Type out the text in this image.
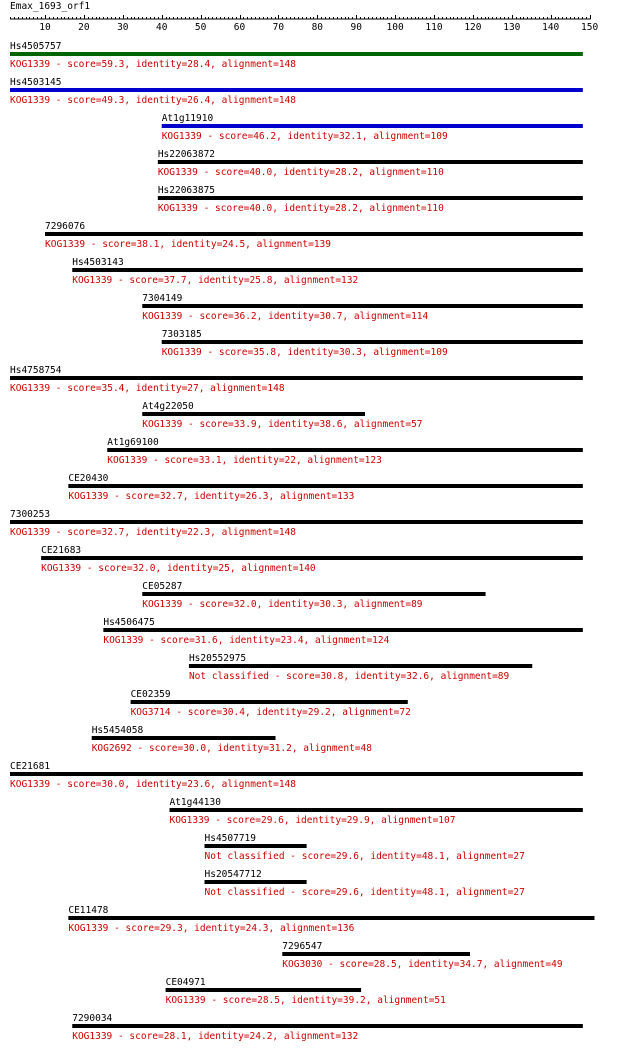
Emax_1693_orf1
10	20	30	40	50	60	70	80	90	100 110 120 130 140 150
Hs4505757
KOG1339 - score=59.3, identity=28.4, alignment=148
Hs4503145
KOG1339 - score=49.3, identity=26.4, alignment=148
At1g11910
KOG1339 - score=46.2, identity=32.1, alignment=109
Hs22063872
KOG1339 - score=40.0, identity=28.2, alignment=110
Hs22063875
KOG1339 - score=40.0, identity=28.2, alignment=110
7296076
KOG1339 - score=38.1, identity=24.5, alignment=139
Hs4503143
KOG1339 - score=37.7, identity=25.8, alignment=132
7304149
KOG1339 - score=36.2, identity=30.7, alignment=114
7303185
KOG1339 - score=35.8, identity=30.3, alignment=109
Hs4758754
KOG1339 - score=35.4, identity=27, alignment=148
At4g22050
KOG1339 - score=33.9, identity=38.6, alignment=57
At1g69100
KOG1339 - score=33.1, identity=22, alignment=123
CE20430
KOG1339 - score=32.7, identity=26.3, alignment=133
7300253
KOG1339 - score=32.7, identity=22.3, alignment=148
CE21683
KOG1339 - score=32.0, identity=25, alignment=140
CE05287
KOG1339 - score=32.0, identity=30.3, alignment=89
Hs4506475
KOG1339 - score=31.6, identity=23.4, alignment=124
Hs20552975
Not classified - score=30.8, identity=32.6, alignment=89
CE02359
KOG3714 - score=30.4, identity=29.2, alignment=72
Hs5454058
KOG2692 - score=30.0, identity=31.2, alignment=48
CE21681
KOG1339 - score=30.0, identity=23.6, alignment=148
At1g44130
KOG1339 - score=29.6, identity=29.9, alignment=107
Hs4507719
Not classified - score=29.6, identity=48.1, alignment=27
Hs20547712
Not classified - score=29.6, identity=48.1, alignment=27
CE11478
KOG1339 - score=29.3, identity=24.3, alignment=136
7296547
KOG3030 - score=28.5, identity=34.7, alignment=49
CE04971
KOG1339 - score=28.5, identity=39.2, alignment=51
7290034
KOG1339 - score=28.1, identity=24.2, alignment=132
